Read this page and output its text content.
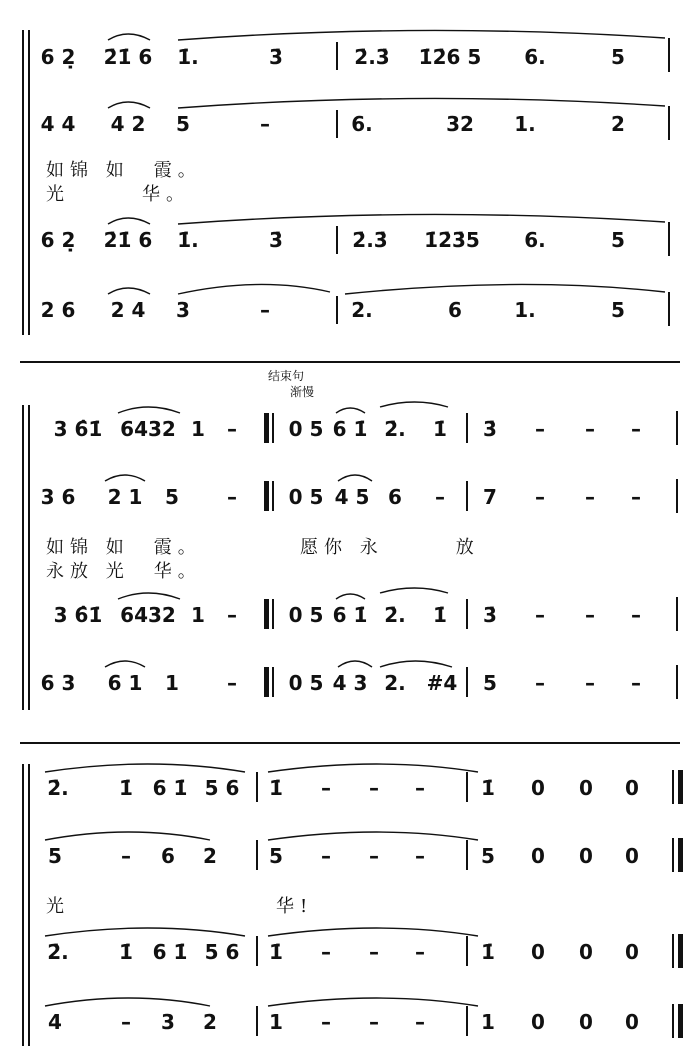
6 2̣ 2̇1̇ 6 1̇.	3̇	2̇.3̇ 1̇2̇6 5 6.	5
4 4 4 2 5	–	6.	32 1.	2
如锦 如　霞。
光　　　华。
6 2̣ 2̇1̇ 6 1̇.	3̇	2̇.3̇ 1̇2̇3̇5 6.	5
2 6 2 4 3	–	2.	6	1.	5
结束句
渐慢
3 6̂1̇ 6432 1 –	0 5 6 1̇ 2̇. 1̇ 3̇ – – –
3 6 2 1 5 –	0 5 4 5 6 – 7 – – –
如锦 如　霞。	愿你 永　　　放
永放 光　华。
3 6̂1̇ 6432 1 –	0 5 6 1̇ 2̇. 1̇ 3̇ – – –
6 3 6 1 1 –	0 5 4 3 2. #4 5 – – –
2̇.	1̇ 6 1̇ 5 6 1̇ – – –	1̇ 0 0 0
5	– 6 2	5 – – –	5 0 0 0
光	华!
2̇.	1̇ 6 1̇ 5 6 1̇ – – –	1̇ 0 0 0
4	– 3 2	1 – – –	1 0 0 0
